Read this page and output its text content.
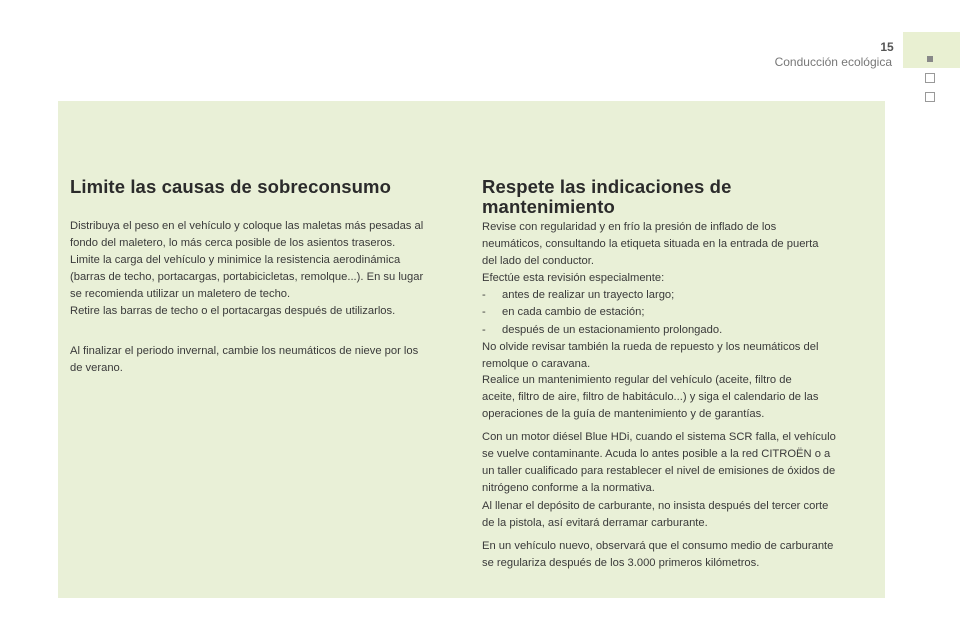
15
Conducción ecológica
Limite las causas de sobreconsumo

Distribuya el peso en el vehículo y coloque las maletas más pesadas al

fondo del maletero, lo más cerca posible de los asientos traseros.

Limite la carga del vehículo y minimice la resistencia aerodinámica

(barras de techo, portacargas, portabicicletas, remolque...). En su lugar

se recomienda utilizar un maletero de techo.

Retire las barras de techo o el portacargas después de utilizarlos.

Al finalizar el periodo invernal, cambie los neumáticos de nieve por los

de verano.

Respete las indicaciones de
mantenimiento

Revise con regularidad y en frío la presión de inflado de los

neumáticos, consultando la etiqueta situada en la entrada de puerta

del lado del conductor.

Efectúe esta revisión especialmente:

-	antes de realizar un trayecto largo;
-	en cada cambio de estación;
-	después de un estacionamiento prolongado.

No olvide revisar también la rueda de repuesto y los neumáticos del

remolque o caravana.

Realice un mantenimiento regular del vehículo (aceite, filtro de

aceite, filtro de aire, filtro de habitáculo...) y siga el calendario de las

operaciones de la guía de mantenimiento y de garantías.

Con un motor diésel Blue HDi, cuando el sistema SCR falla, el vehículo

se vuelve contaminante. Acuda lo antes posible a la red CITROËN o a

un taller cualificado para restablecer el nivel de emisiones de óxidos de

nitrógeno conforme a la normativa.

Al llenar el depósito de carburante, no insista después del tercer corte

de la pistola, así evitará derramar carburante.

En un vehículo nuevo, observará que el consumo medio de carburante

se regulariza después de los 3.000 primeros kilómetros.
